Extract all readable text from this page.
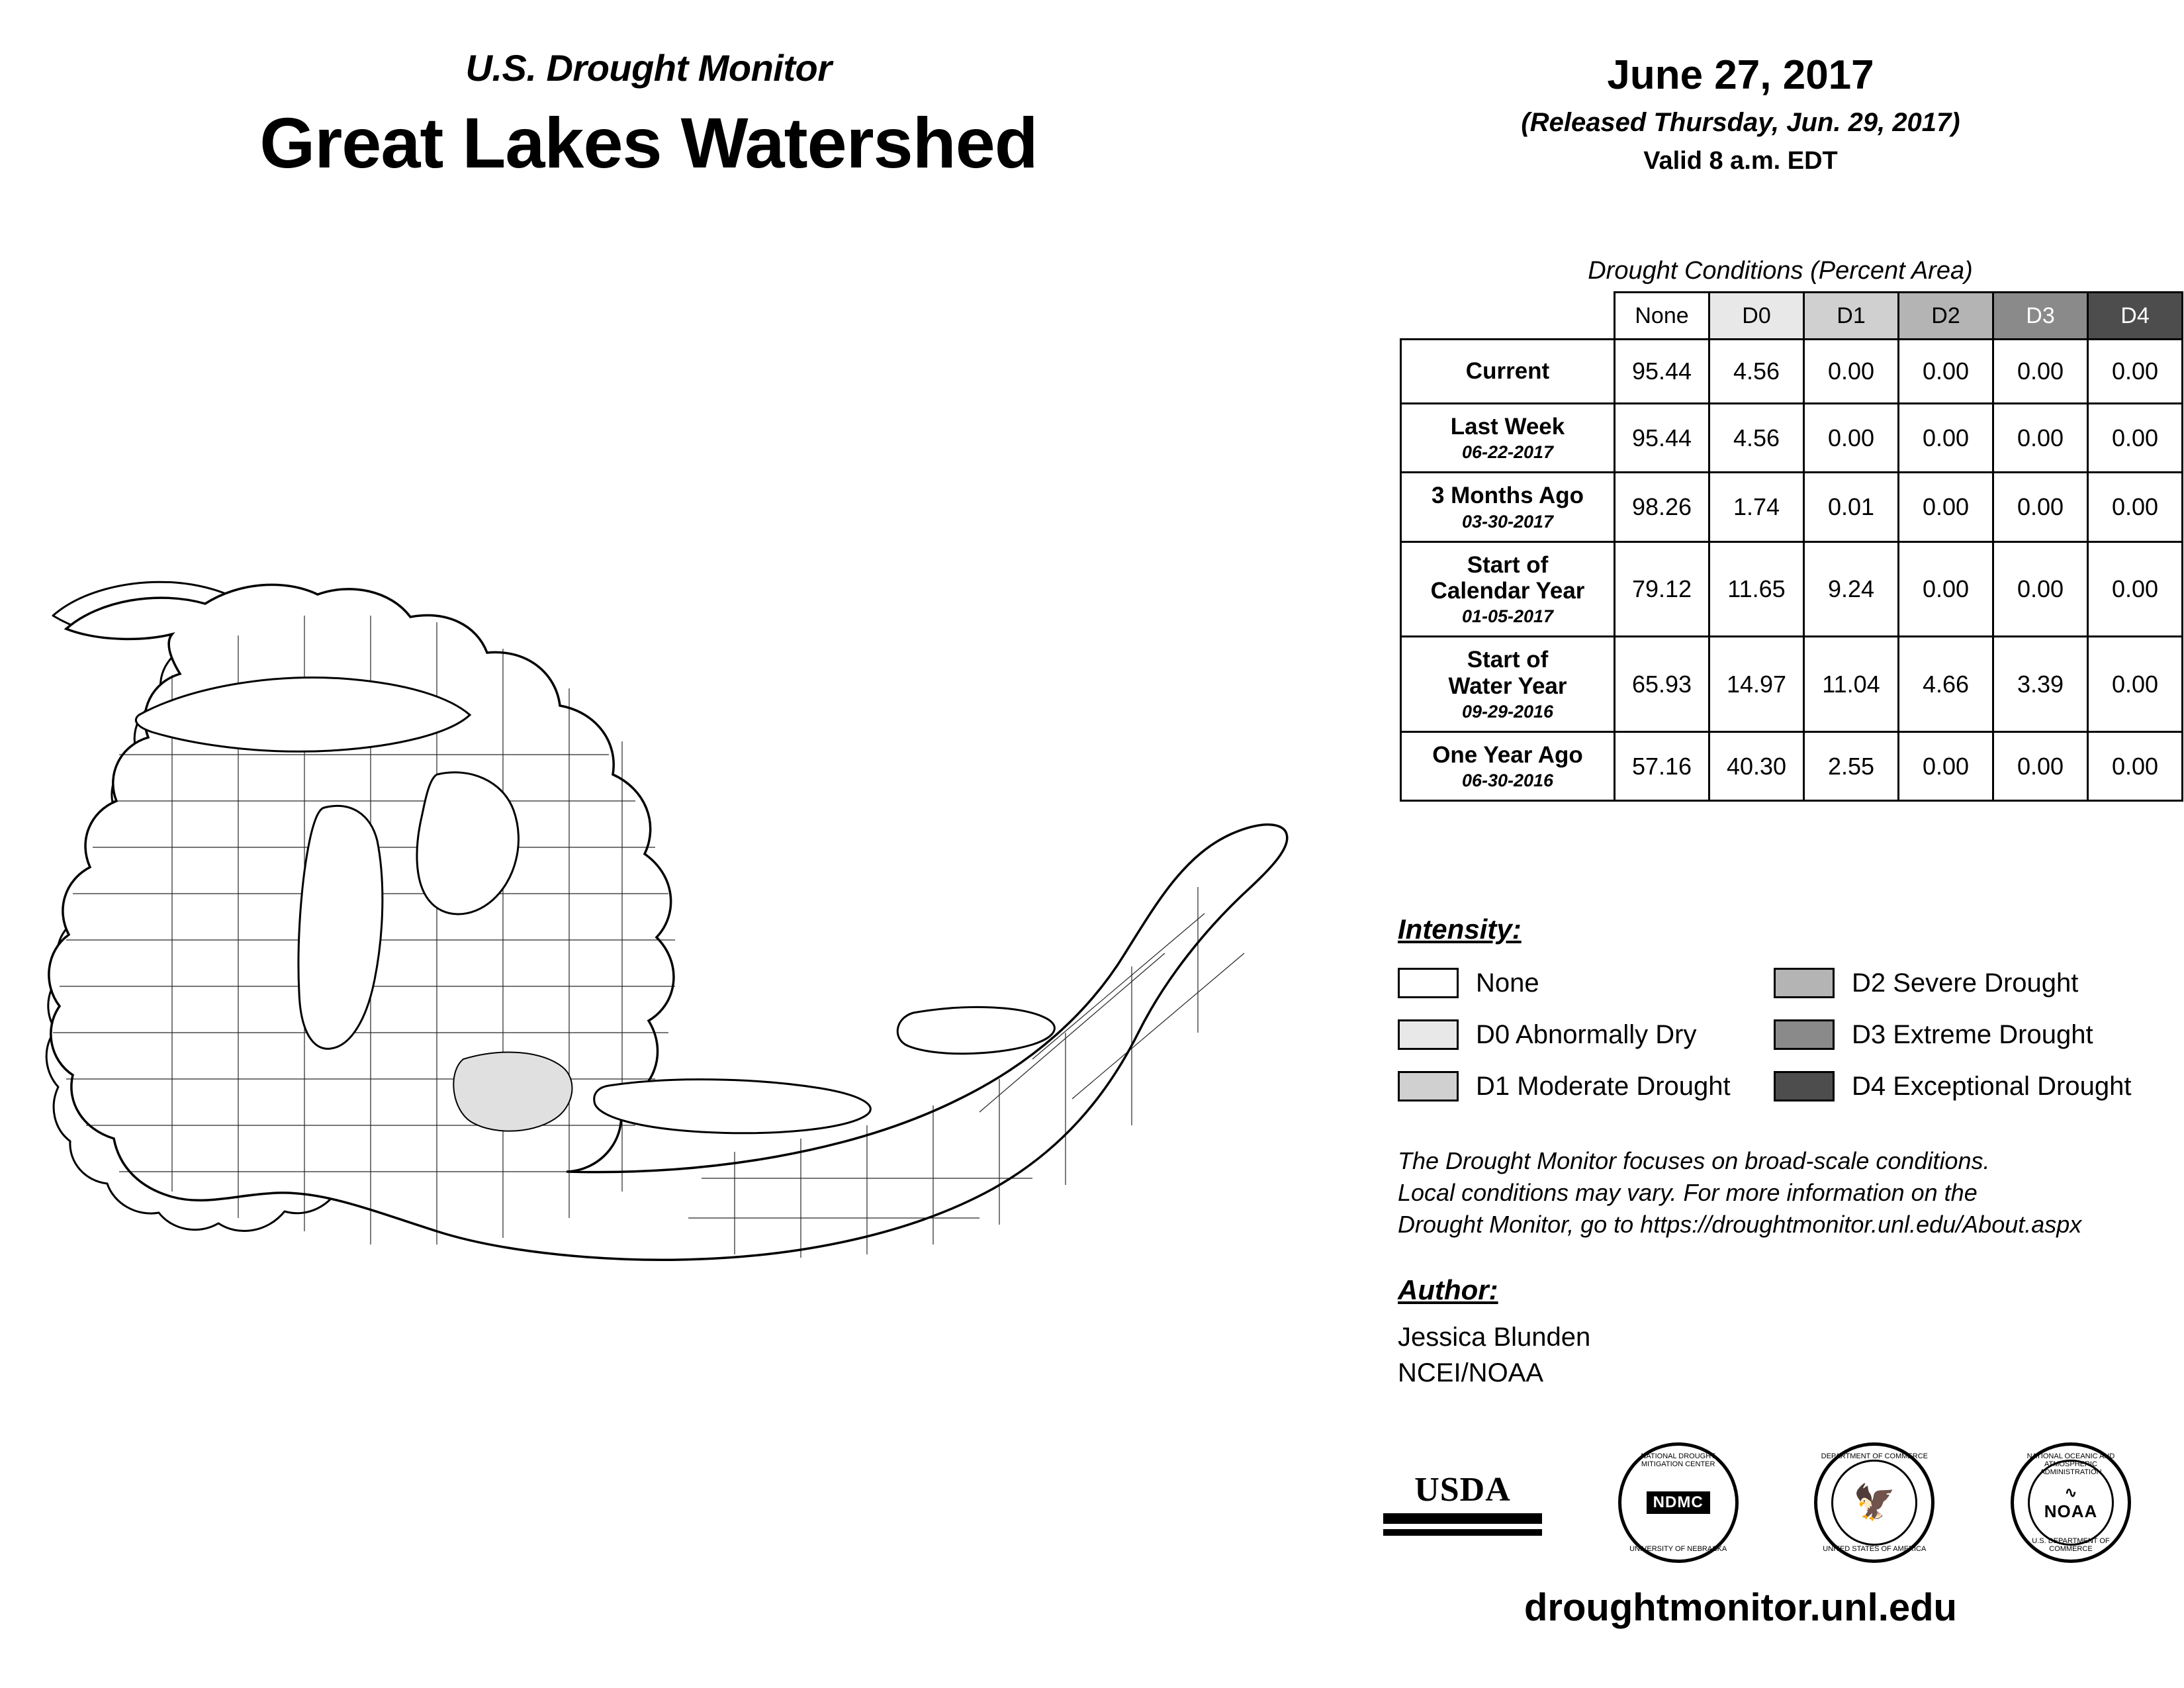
U.S. Drought Monitor
Great Lakes Watershed
June 27, 2017
(Released Thursday, Jun. 29, 2017)
Valid 8 a.m. EDT
Drought Conditions (Percent Area)
	None	D0	D1	D2	D3	D4

Current	95.44	4.56	0.00	0.00	0.00	0.00

Last Week
06-22-2017	95.44	4.56	0.00	0.00	0.00	0.00

3 Months Ago
03-30-2017	98.26	1.74	0.01	0.00	0.00	0.00

Start of
Calendar Year
01-05-2017	79.12	11.65	9.24	0.00	0.00	0.00

Start of
Water Year
09-29-2016	65.93	14.97	11.04	4.66	3.39	0.00

One Year Ago
06-30-2016	57.16	40.30	2.55	0.00	0.00	0.00
Intensity:
None
D0 Abnormally Dry
D1 Moderate Drought
D2 Severe Drought
D3 Extreme Drought
D4 Exceptional Drought
The Drought Monitor focuses on broad-scale conditions.
Local conditions may vary. For more information on the
Drought Monitor, go to https://droughtmonitor.unl.edu/About.aspx
Author:
Jessica Blunden
NCEI/NOAA
USDA
NATIONAL DROUGHT MITIGATION CENTER
UNIVERSITY OF NEBRASKA
NDMC
DEPARTMENT OF COMMERCE
UNITED STATES OF AMERICA
🦅
NATIONAL OCEANIC AND ATMOSPHERIC ADMINISTRATION
U.S. DEPARTMENT OF COMMERCE
∿
NOAA
droughtmonitor.unl.edu
